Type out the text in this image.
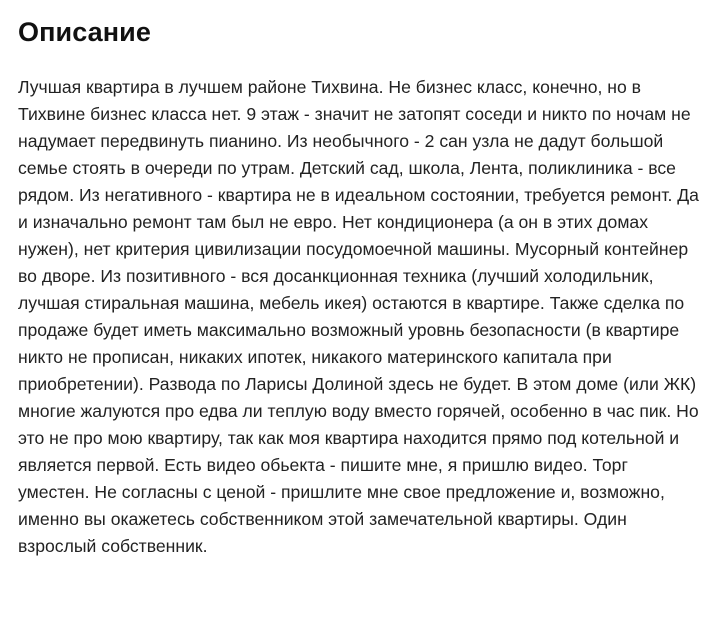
Описание

Лучшая квартира в лучшем районе Тихвина. Не бизнес класс, конечно, но в Тихвине бизнес класса нет. 9 этаж - значит не затопят соседи и никто по ночам не надумает передвинуть пианино. Из необычного - 2 сан узла не дадут большой семье стоять в очереди по утрам. Детский сад, школа, Лента, поликлиника - все рядом. Из негативного - квартира не в идеальном состоянии, требуется ремонт. Да и изначально ремонт там был не евро. Нет кондиционера (а он в этих домах нужен), нет критерия цивилизации посудомоечной машины. Мусорный контейнер во дворе. Из позитивного - вся досанкционная техника (лучший холодильник, лучшая стиральная машина, мебель икея) остаются в квартире. Также сделка по продаже будет иметь максимально возможный уровнь безопасности (в квартире никто не прописан, никаких ипотек, никакого материнского капитала при приобретении). Развода по Ларисы Долиной здесь не будет. В этом доме (или ЖК) многие жалуются про едва ли теплую воду вместо горячей, особенно в час пик. Но это не про мою квартиру, так как моя квартира находится прямо под котельной и является первой. Есть видео обьекта - пишите мне, я пришлю видео. Торг уместен. Не согласны с ценой - пришлите мне свое предложение и, возможно, именно вы окажетесь собственником этой замечательной квартиры. Один взрослый собственник.
